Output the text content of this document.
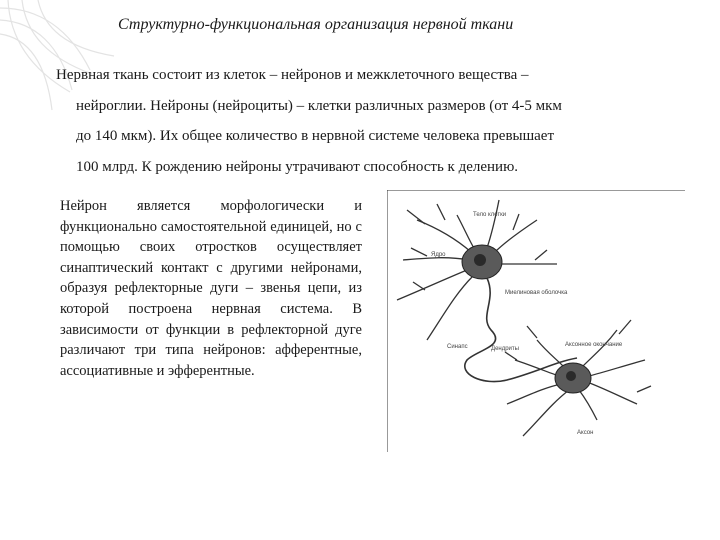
Структурно-функциональная организация нервной ткани
Нервная ткань состоит из клеток – нейронов и межклеточного вещества –
нейроглии. Нейроны (нейроциты) – клетки различных размеров (от 4-5 мкм
до 140 мкм). Их общее количество в нервной системе человека превышает
100 млрд. К рождению нейроны утрачивают способность к делению.
Нейрон является морфологически и функционально самостоятельной единицей, но с помощью своих отростков осуществляет синаптический контакт с другими нейронами, образуя рефлекторные дуги – звенья цепи, из которой построена нервная система. В зависимости от функции в рефлекторной дуге различают три типа нейронов: афферентные, ассоциативные и эфферентные.
Тело клетки
Ядро
Миелиновая оболочка
Синапс	Дендриты
Аксонное окончание
Аксон
